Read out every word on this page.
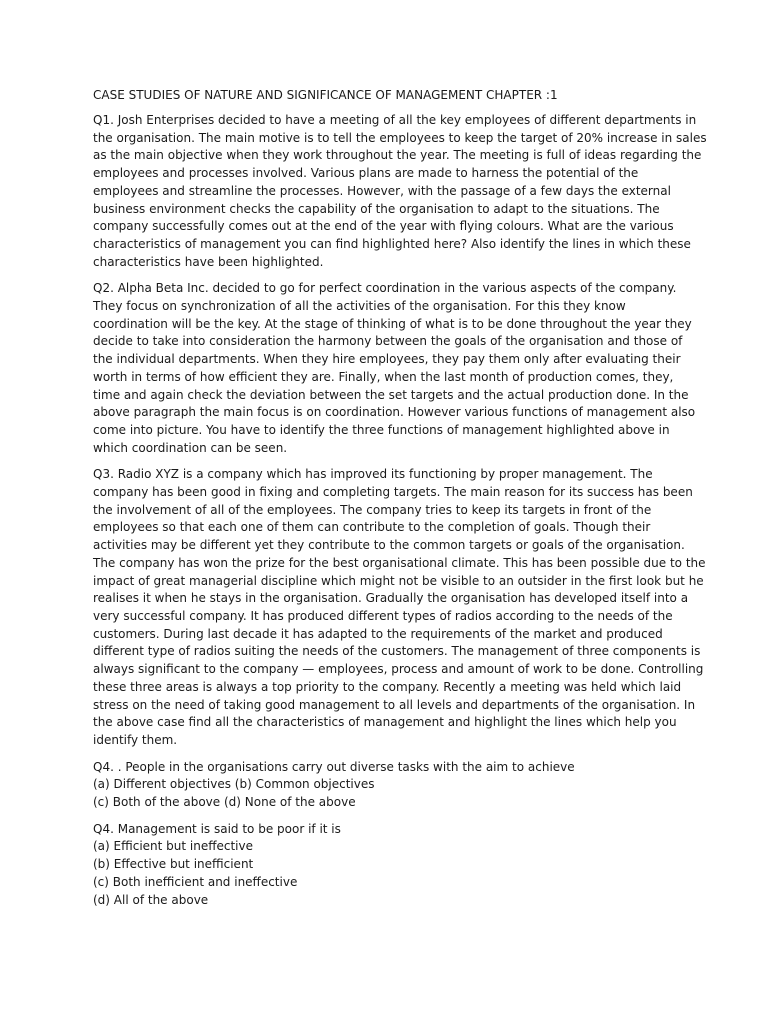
CASE STUDIES OF NATURE AND SIGNIFICANCE OF MANAGEMENT CHAPTER :1
Q1. Josh Enterprises decided to have a meeting of all the key employees of different departments in
the organisation. The main motive is to tell the employees to keep the target of 20% increase in sales
as the main objective when they work throughout the year. The meeting is full of ideas regarding the
employees and processes involved. Various plans are made to harness the potential of the
employees and streamline the processes. However, with the passage of a few days the external
business environment checks the capability of the organisation to adapt to the situations. The
company successfully comes out at the end of the year with flying colours. What are the various
characteristics of management you can find highlighted here? Also identify the lines in which these
characteristics have been highlighted.
Q2. Alpha Beta Inc. decided to go for perfect coordination in the various aspects of the company.
They focus on synchronization of all the activities of the organisation. For this they know
coordination will be the key. At the stage of thinking of what is to be done throughout the year they
decide to take into consideration the harmony between the goals of the organisation and those of
the individual departments. When they hire employees, they pay them only after evaluating their
worth in terms of how efficient they are. Finally, when the last month of production comes, they,
time and again check the deviation between the set targets and the actual production done. In the
above paragraph the main focus is on coordination. However various functions of management also
come into picture. You have to identify the three functions of management highlighted above in
which coordination can be seen.
Q3. Radio XYZ is a company which has improved its functioning by proper management. The
company has been good in fixing and completing targets. The main reason for its success has been
the involvement of all of the employees. The company tries to keep its targets in front of the
employees so that each one of them can contribute to the completion of goals. Though their
activities may be different yet they contribute to the common targets or goals of the organisation.
The company has won the prize for the best organisational climate. This has been possible due to the
impact of great managerial discipline which might not be visible to an outsider in the first look but he
realises it when he stays in the organisation. Gradually the organisation has developed itself into a
very successful company. It has produced different types of radios according to the needs of the
customers. During last decade it has adapted to the requirements of the market and produced
different type of radios suiting the needs of the customers. The management of three components is
always significant to the company — employees, process and amount of work to be done. Controlling
these three areas is always a top priority to the company. Recently a meeting was held which laid
stress on the need of taking good management to all levels and departments of the organisation. In
the above case find all the characteristics of management and highlight the lines which help you
identify them.
Q4. . People in the organisations carry out diverse tasks with the aim to achieve
(a) Different objectives (b) Common objectives
(c) Both of the above (d) None of the above
Q4. Management is said to be poor if it is
(a) Efficient but ineffective
(b) Effective but inefficient
(c) Both inefficient and ineffective
(d) All of the above
